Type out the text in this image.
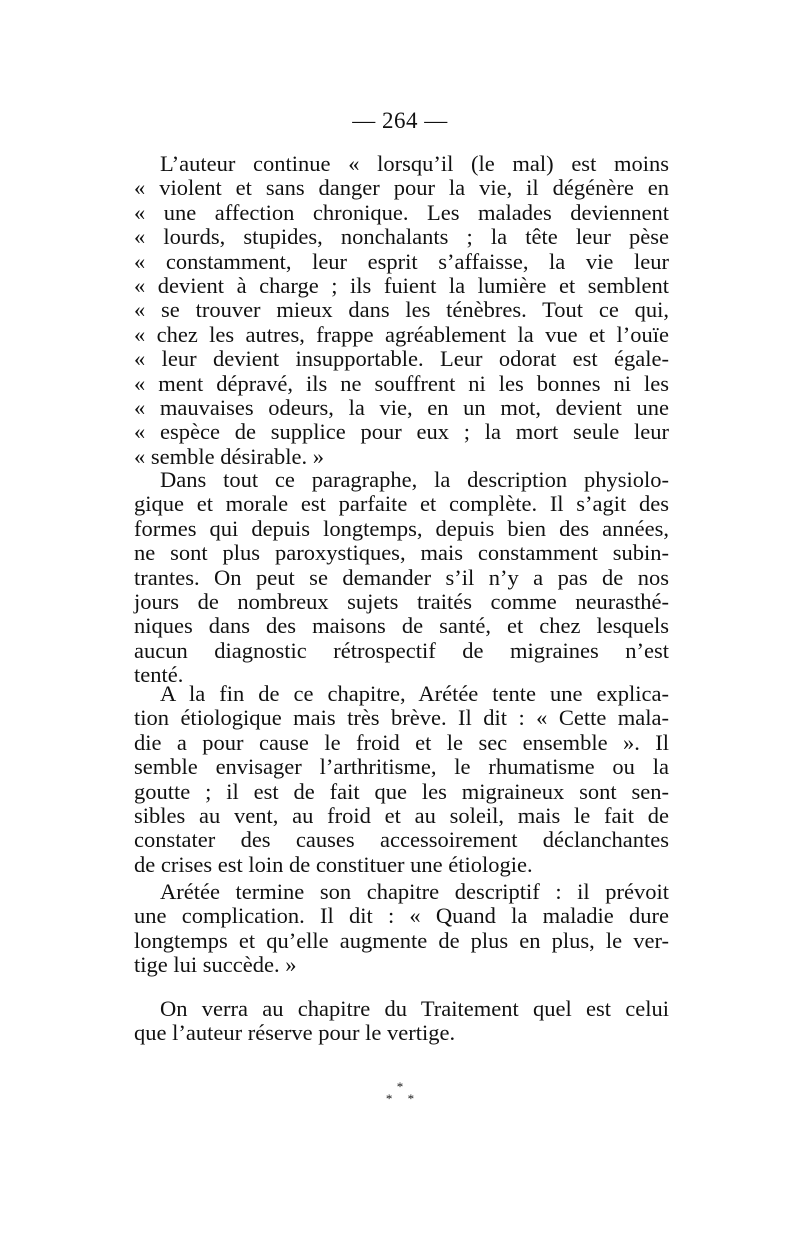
— 264 —
L’auteur continue « lorsqu’il (le mal) est moins
« violent et sans danger pour la vie, il dégénère en
« une affection chronique. Les malades deviennent
« lourds, stupides, nonchalants ; la tête leur pèse
« constamment, leur esprit s’affaisse, la vie leur
« devient à charge ; ils fuient la lumière et semblent
« se trouver mieux dans les ténèbres. Tout ce qui,
« chez les autres, frappe agréablement la vue et l’ouïe
« leur devient insupportable. Leur odorat est égale-
« ment dépravé, ils ne souffrent ni les bonnes ni les
« mauvaises odeurs, la vie, en un mot, devient une
« espèce de supplice pour eux ; la mort seule leur
« semble désirable. »
Dans tout ce paragraphe, la description physiolo-
gique et morale est parfaite et complète. Il s’agit des
formes qui depuis longtemps, depuis bien des années,
ne sont plus paroxystiques, mais constamment subin-
trantes. On peut se demander s’il n’y a pas de nos
jours de nombreux sujets traités comme neurasthé-
niques dans des maisons de santé, et chez lesquels
aucun diagnostic rétrospectif de migraines n’est
tenté.
A la fin de ce chapitre, Arétée tente une explica-
tion étiologique mais très brève. Il dit : « Cette mala-
die a pour cause le froid et le sec ensemble ». Il
semble envisager l’arthritisme, le rhumatisme ou la
goutte ; il est de fait que les migraineux sont sen-
sibles au vent, au froid et au soleil, mais le fait de
constater des causes accessoirement déclanchantes
de crises est loin de constituer une étiologie.
Arétée termine son chapitre descriptif : il prévoit
une complication. Il dit : « Quand la maladie dure
longtemps et qu’elle augmente de plus en plus, le ver-
tige lui succède. »
On verra au chapitre du Traitement quel est celui
que l’auteur réserve pour le vertige.
*
* *
